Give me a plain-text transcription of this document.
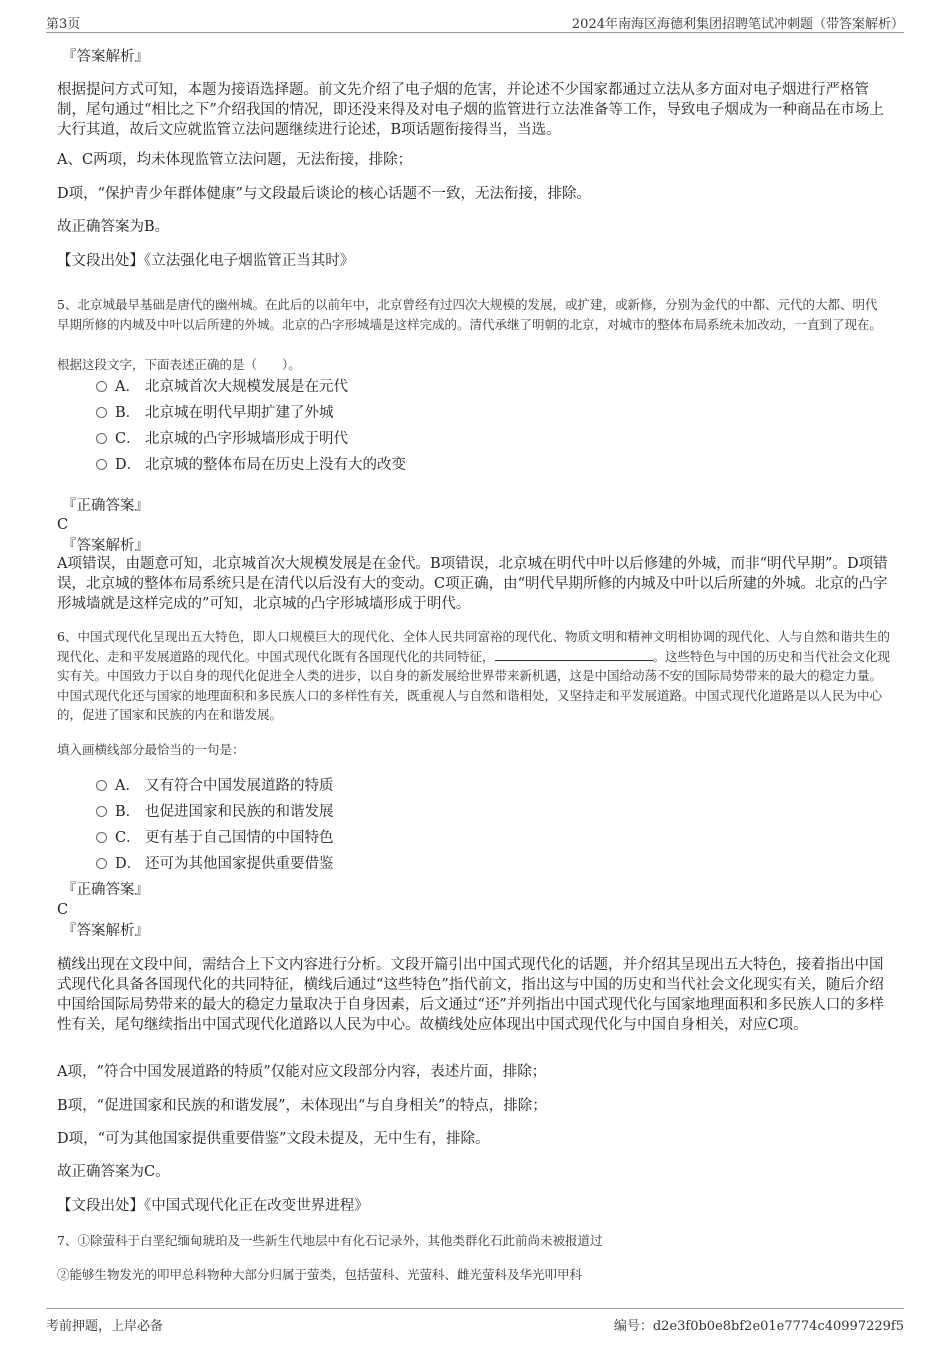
第3页	2024年南海区海德利集团招聘笔试冲刺题（带答案解析）
『答案解析』
根据提问方式可知，本题为接语选择题。前文先介绍了电子烟的危害，并论述不少国家都通过立法从多方面对电子烟进行严格管制，尾句通过“相比之下”介绍我国的情况，即还没来得及对电子烟的监管进行立法准备等工作，导致电子烟成为一种商品在市场上大行其道，故后文应就监管立法问题继续进行论述，B项话题衔接得当，当选。
A、C两项，均未体现监管立法问题，无法衔接，排除；
D项，“保护青少年群体健康”与文段最后谈论的核心话题不一致，无法衔接，排除。
故正确答案为B。
【文段出处】《立法强化电子烟监管正当其时》
5、北京城最早基础是唐代的幽州城。在此后的以前年中，北京曾经有过四次大规模的发展，或扩建，或新修，分别为金代的中都、元代的大都、明代早期所修的内城及中叶以后所建的外城。北京的凸字形城墙是这样完成的。清代承继了明朝的北京，对城市的整体布局系统未加改动，一直到了现在。
根据这段文字，下面表述正确的是（　　）。
A． 北京城首次大规模发展是在元代
B． 北京城在明代早期扩建了外城
C． 北京城的凸字形城墙形成于明代
D． 北京城的整体布局在历史上没有大的改变
『正确答案』
C
『答案解析』
A项错误，由题意可知，北京城首次大规模发展是在金代。B项错误，北京城在明代中叶以后修建的外城，而非“明代早期”。D项错误，北京城的整体布局系统只是在清代以后没有大的变动。C项正确，由“明代早期所修的内城及中叶以后所建的外城。北京的凸字形城墙就是这样完成的”可知，北京城的凸字形城墙形成于明代。
6、中国式现代化呈现出五大特色，即人口规模巨大的现代化、全体人民共同富裕的现代化、物质文明和精神文明相协调的现代化、人与自然和谐共生的现代化、走和平发展道路的现代化。中国式现代化既有各国现代化的共同特征，	。这些特色与中国的历史和当代社会文化现实有关。中国致力于以自身的现代化促进全人类的进步，以自身的新发展给世界带来新机遇，这是中国给动荡不安的国际局势带来的最大的稳定力量。中国式现代化还与国家的地理面积和多民族人口的多样性有关，既重视人与自然和谐相处，又坚持走和平发展道路。中国式现代化道路是以人民为中心的，促进了国家和民族的内在和谐发展。
填入画横线部分最恰当的一句是：
A． 又有符合中国发展道路的特质
B． 也促进国家和民族的和谐发展
C． 更有基于自己国情的中国特色
D． 还可为其他国家提供重要借鉴
『正确答案』
C
『答案解析』
横线出现在文段中间，需结合上下文内容进行分析。文段开篇引出中国式现代化的话题，并介绍其呈现出五大特色，接着指出中国式现代化具备各国现代化的共同特征，横线后通过“这些特色”指代前文，指出这与中国的历史和当代社会文化现实有关，随后介绍中国给国际局势带来的最大的稳定力量取决于自身因素，后文通过“还”并列指出中国式现代化与国家地理面积和多民族人口的多样性有关，尾句继续指出中国式现代化道路以人民为中心。故横线处应体现出中国式现代化与中国自身相关，对应C项。
A项，“符合中国发展道路的特质”仅能对应文段部分内容，表述片面，排除；
B项，“促进国家和民族的和谐发展”，未体现出“与自身相关”的特点，排除；
D项，“可为其他国家提供重要借鉴”文段未提及，无中生有，排除。
故正确答案为C。
【文段出处】《中国式现代化正在改变世界进程》
7、①除萤科于白垩纪缅甸琥珀及一些新生代地层中有化石记录外，其他类群化石此前尚未被报道过
②能够生物发光的叩甲总科物种大部分归属于萤类，包括萤科、光萤科、雌光萤科及华光叩甲科
考前押题，上岸必备	编号：d2e3f0b0e8bf2e01e7774c40997229f5
